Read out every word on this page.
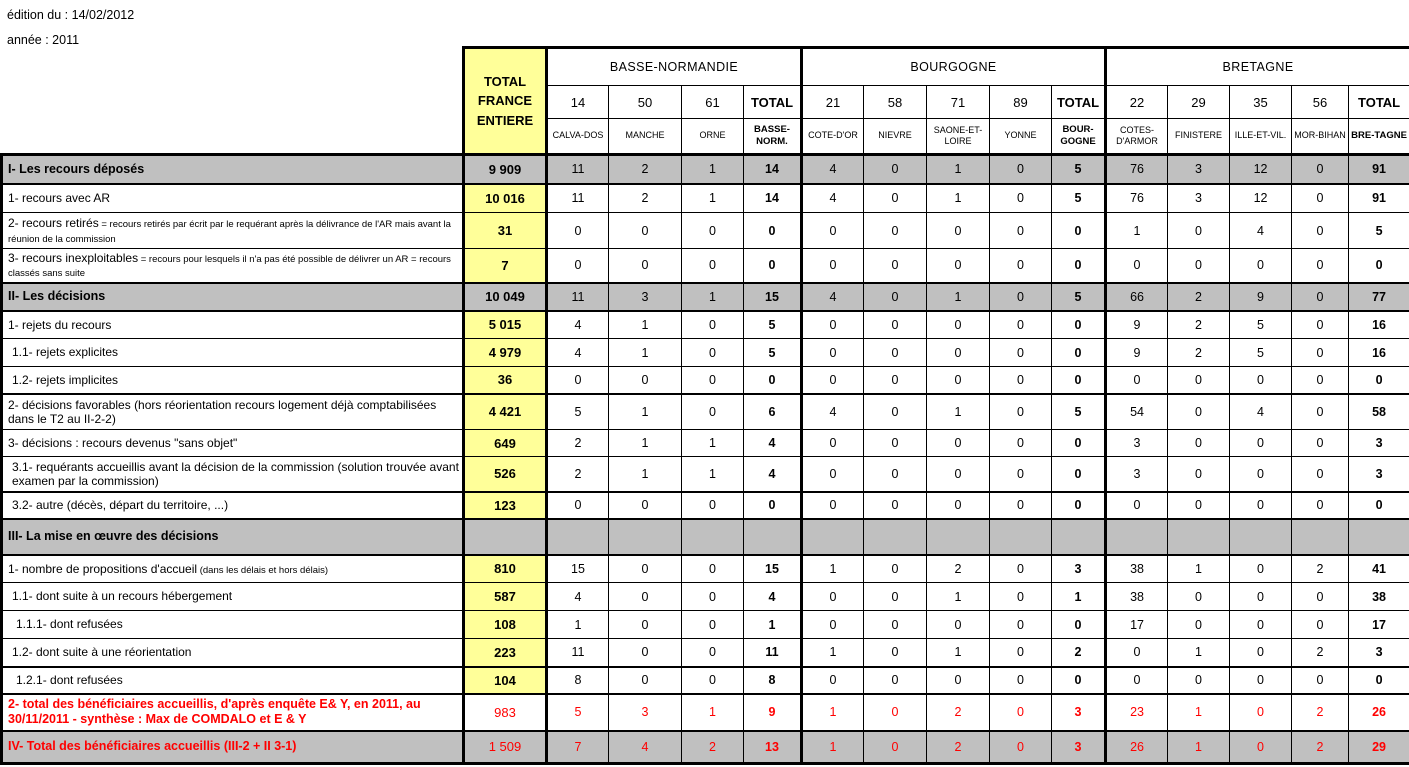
édition du : 14/02/2012
année : 2011
	TOTAL FRANCE ENTIERE	BASSE-NORMANDIE				BOURGOGNE					BRETAGNE				
		14	50	61	TOTAL	21	58	71	89	TOTAL	22	29	35	56	TOTAL
		CALVA-DOS	MANCHE	ORNE	BASSE-NORM.	COTE-D'OR	NIEVRE	SAONE-ET-LOIRE	YONNE	BOUR-GOGNE	COTES-D'ARMOR	FINISTERE	ILLE-ET-VIL.	MOR-BIHAN	BRE-TAGNE
I- Les recours déposés	9 909	11	2	1	14	4	0	1	0	5	76	3	12	0	91
1- recours avec AR	10 016	11	2	1	14	4	0	1	0	5	76	3	12	0	91
2- recours retirés = recours retirés par écrit par le requérant après la délivrance de l'AR mais avant la réunion de la commission	31	0	0	0	0	0	0	0	0	0	1	0	4	0	5
3- recours inexploitables = recours pour lesquels il n'a pas été possible de délivrer un AR = recours classés sans suite	7	0	0	0	0	0	0	0	0	0	0	0	0	0	0
II- Les décisions	10 049	11	3	1	15	4	0	1	0	5	66	2	9	0	77
1- rejets du recours	5 015	4	1	0	5	0	0	0	0	0	9	2	5	0	16
1.1- rejets explicites	4 979	4	1	0	5	0	0	0	0	0	9	2	5	0	16
1.2- rejets implicites	36	0	0	0	0	0	0	0	0	0	0	0	0	0	0
2- décisions favorables (hors réorientation recours logement déjà comptabilisées dans le T2 au II-2-2)	4 421	5	1	0	6	4	0	1	0	5	54	0	4	0	58
3- décisions : recours devenus "sans objet"	649	2	1	1	4	0	0	0	0	0	3	0	0	0	3
3.1- requérants accueillis avant la décision de la commission (solution trouvée avant examen par la commission)	526	2	1	1	4	0	0	0	0	0	3	0	0	0	3
3.2- autre (décès, départ du territoire, ...)	123	0	0	0	0	0	0	0	0	0	0	0	0	0	0
III- La mise en œuvre des décisions															
1- nombre de propositions d'accueil (dans les délais et hors délais)	810	15	0	0	15	1	0	2	0	3	38	1	0	2	41
1.1- dont suite à un recours hébergement	587	4	0	0	4	0	0	1	0	1	38	0	0	0	38
1.1.1- dont refusées	108	1	0	0	1	0	0	0	0	0	17	0	0	0	17
1.2- dont suite à une réorientation	223	11	0	0	11	1	0	1	0	2	0	1	0	2	3
1.2.1- dont refusées	104	8	0	0	8	0	0	0	0	0	0	0	0	0	0
2- total des bénéficiaires accueillis, d'après enquête E& Y, en 2011, au 30/11/2011 - synthèse : Max de COMDALO et E & Y	983	5	3	1	9	1	0	2	0	3	23	1	0	2	26
IV- Total des bénéficiaires accueillis (III-2 + II 3-1)	1 509	7	4	2	13	1	0	2	0	3	26	1	0	2	29
